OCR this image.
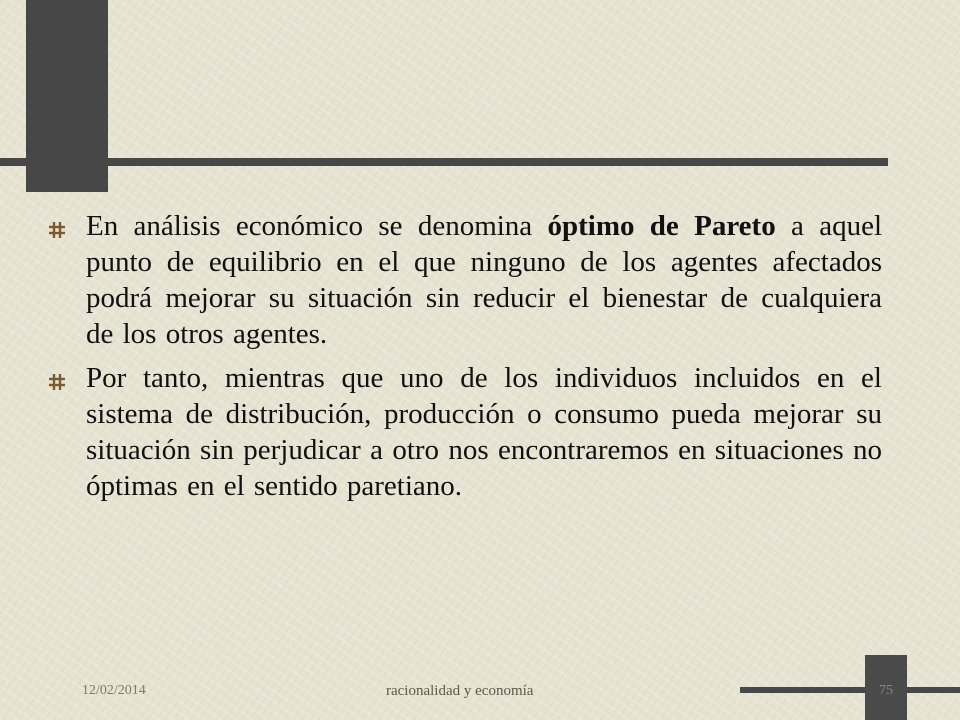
En análisis económico se denomina óptimo de Pareto a aquel punto de equilibrio en el que ninguno de los agentes afectados podrá mejorar su situación sin reducir el bienestar de cualquiera de los otros agentes.
Por tanto, mientras que uno de los individuos incluidos en el sistema de distribución, producción o consumo pueda mejorar su situación sin perjudicar a otro nos encontraremos en situaciones no óptimas en el sentido paretiano.
12/02/2014	racionalidad y economía	75
